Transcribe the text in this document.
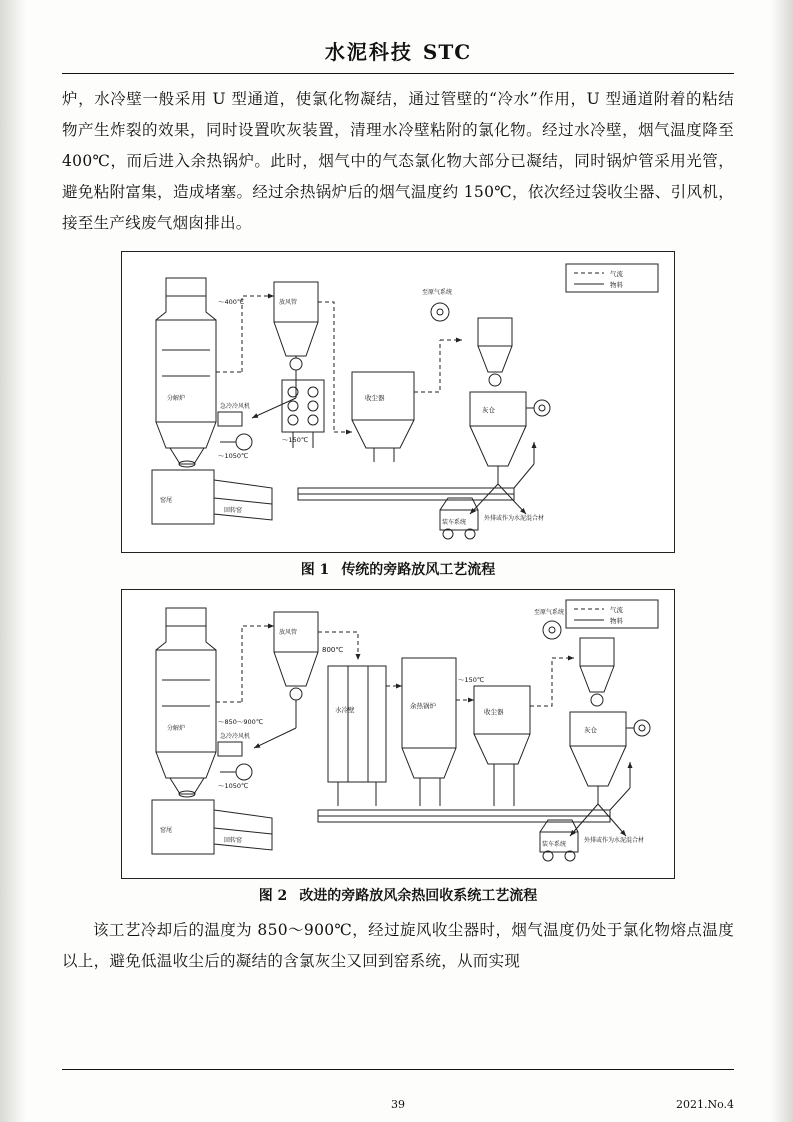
水泥科技 STC

炉，水冷壁一般采用 U 型通道，使氯化物凝结，通过管壁的“冷水”作用，U 型通道附着的粘结物产生炸裂的效果，同时设置吹灰装置，清理水冷壁粘附的氯化物。经过水冷壁，烟气温度降至 400℃，而后进入余热锅炉。此时，烟气中的气态氯化物大部分已凝结，同时锅炉管采用光管，避免粘附富集，造成堵塞。经过余热锅炉后的烟气温度约 150℃，依次经过袋收尘器、引风机，接至生产线废气烟囱排出。

气流
物料
分解炉
窑尾
回转窑
～400℃	放风管
急冷冷风机
～1050℃
～150℃
收尘器
至原气系统
灰仓
装车系统
外排或作为水泥混合材
图 1 传统的旁路放风工艺流程
气流
物料
分解炉
窑尾
回转窑
放风管
急冷冷风机
～1050℃
～850～900℃
800℃
水冷壁	余热锅炉
收尘器
～150℃
至原气系统
灰仓
装车系统
外排或作为水泥混合材
图 2 改进的旁路放风余热回收系统工艺流程

该工艺冷却后的温度为 850～900℃，经过旋风收尘器时，烟气温度仍处于氯化物熔点温度以上，避免低温收尘后的凝结的含氯灰尘又回到窑系统，从而实现

39	2021.No.4
